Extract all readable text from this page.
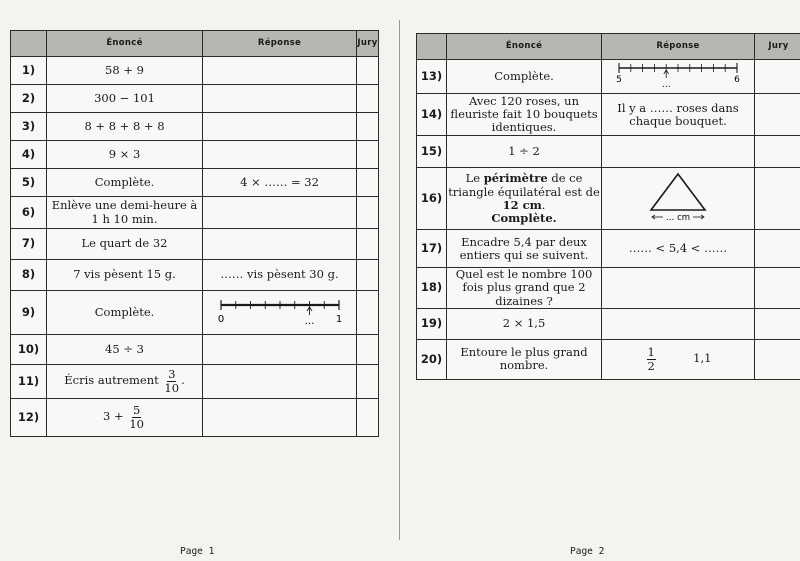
	Énoncé	Réponse	Jury
1)	58 + 9		
2)	300 − 101		
3)	8 + 8 + 8 + 8		
4)	9 × 3		
5)	Complète.	4 × …… = 32	
6)	Enlève une demi-heure à 1 h 10 min.		
7)	Le quart de 32		
8)	7 vis pèsent 15 g.	…… vis pèsent 30 g.	
9)	Complète.	0 … 1	

10)	45 ÷ 3		
11)	Écris autrement $\frac{3}{10}$ .		
12)	$3 + \frac{5}{10}$

Page 1
	Énoncé	Réponse	Jury
13)	Complète.	5 … 6	

14)	Avec 120 roses, un fleuriste fait 10 bouquets identiques.	Il y a …… roses dans chaque bouquet.	
15)	1 ÷ 2		
16)	Le périmètre de ce triangle équilatéral est de 12 cm.
Complète.	… cm	

17)	Encadre 5,4 par deux entiers qui se suivent.	…… < 5,4 < ……	
18)	Quel est le nombre 100 fois plus grand que 2 dizaines ?		
19)	2 × 1,5		
20)	Entoure le plus grand nombre.	$\frac{1}{2} 1,1$	
Page 2
